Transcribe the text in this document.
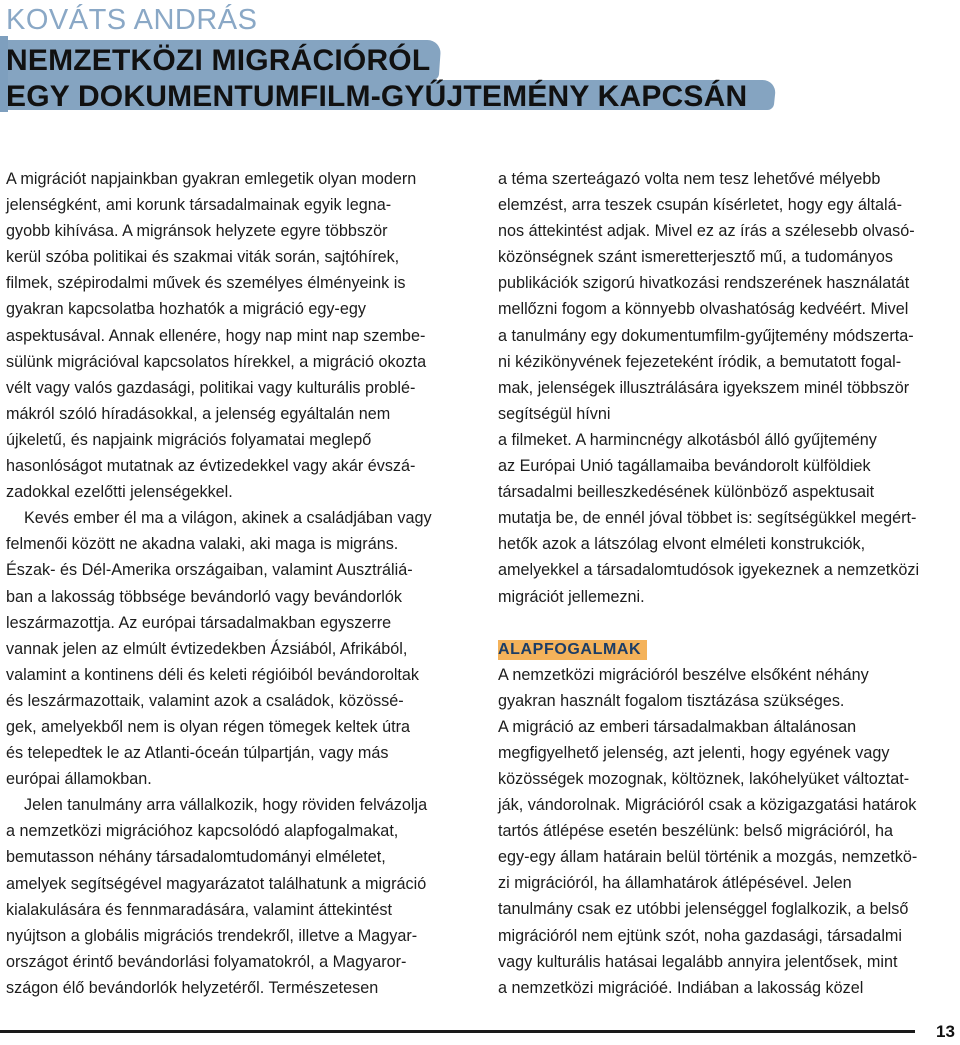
KOVÁTS ANDRÁS
NEMZETKÖZI MIGRÁCIÓRÓL
EGY DOKUMENTUMFILM-GYŰJTEMÉNY KAPCSÁN

A migrációt napjainkban gyakran emlegetik olyan modern

jelenségként, ami korunk társadalmainak egyik legna-

gyobb kihívása. A migránsok helyzete egyre többször

kerül szóba politikai és szakmai viták során, sajtóhírek,

filmek, szépirodalmi művek és személyes élményeink is

gyakran kapcsolatba hozhatók a migráció egy-egy

aspektusával. Annak ellenére, hogy nap mint nap szembe-

sülünk migrációval kapcsolatos hírekkel, a migráció okozta

vélt vagy valós gazdasági, politikai vagy kulturális problé-

mákról szóló híradásokkal, a jelenség egyáltalán nem

újkeletű, és napjaink migrációs folyamatai meglepő

hasonlóságot mutatnak az évtizedekkel vagy akár évszá-

zadokkal ezelőtti jelenségekkel.

Kevés ember él ma a világon, akinek a családjában vagy

felmenői között ne akadna valaki, aki maga is migráns.

Észak- és Dél-Amerika országaiban, valamint Ausztráliá-

ban a lakosság többsége bevándorló vagy bevándorlók

leszármazottja. Az európai társadalmakban egyszerre

vannak jelen az elmúlt évtizedekben Ázsiából, Afrikából,

valamint a kontinens déli és keleti régióiból bevándoroltak

és leszármazottaik, valamint azok a családok, közössé-

gek, amelyekből nem is olyan régen tömegek keltek útra

és telepedtek le az Atlanti-óceán túlpartján, vagy más

európai államokban.

Jelen tanulmány arra vállalkozik, hogy röviden felvázolja

a nemzetközi migrációhoz kapcsolódó alapfogalmakat,

bemutasson néhány társadalomtudományi elméletet,

amelyek segítségével magyarázatot találhatunk a migráció

kialakulására és fennmaradására, valamint áttekintést

nyújtson a globális migrációs trendekről, illetve a Magyar-

országot érintő bevándorlási folyamatokról, a Magyaror-

szágon élő bevándorlók helyzetéről. Természetesen

a téma szerteágazó volta nem tesz lehetővé mélyebb

elemzést, arra teszek csupán kísérletet, hogy egy általá-

nos áttekintést adjak. Mivel ez az írás a szélesebb olvasó-

közönségnek szánt ismeretterjesztő mű, a tudományos

publikációk szigorú hivatkozási rendszerének használatát

mellőzni fogom a könnyebb olvashatóság kedvéért. Mivel

a tanulmány egy dokumentumfilm-gyűjtemény módszerta-

ni kézikönyvének fejezeteként íródik, a bemutatott fogal-

mak, jelenségek illusztrálására igyekszem minél többször

segítségül hívni

a filmeket. A harmincnégy alkotásból álló gyűjtemény

az Európai Unió tagállamaiba bevándorolt külföldiek

társadalmi beilleszkedésének különböző aspektusait

mutatja be, de ennél jóval többet is: segítségükkel megért-

hetők azok a látszólag elvont elméleti konstrukciók,

amelyekkel a társadalomtudósok igyekeznek a nemzetközi

migrációt jellemezni.

ALAPFOGALMAK

A nemzetközi migrációról beszélve elsőként néhány

gyakran használt fogalom tisztázása szükséges.

A migráció az emberi társadalmakban általánosan

megfigyelhető jelenség, azt jelenti, hogy egyének vagy

közösségek mozognak, költöznek, lakóhelyüket változtat-

ják, vándorolnak. Migrációról csak a közigazgatási határok

tartós átlépése esetén beszélünk: belső migrációról, ha

egy-egy állam határain belül történik a mozgás, nemzetkö-

zi migrációról, ha államhatárok átlépésével. Jelen

tanulmány csak ez utóbbi jelenséggel foglalkozik, a belső

migrációról nem ejtünk szót, noha gazdasági, társadalmi

vagy kulturális hatásai legalább annyira jelentősek, mint

a nemzetközi migrációé. Indiában a lakosság közel

13
